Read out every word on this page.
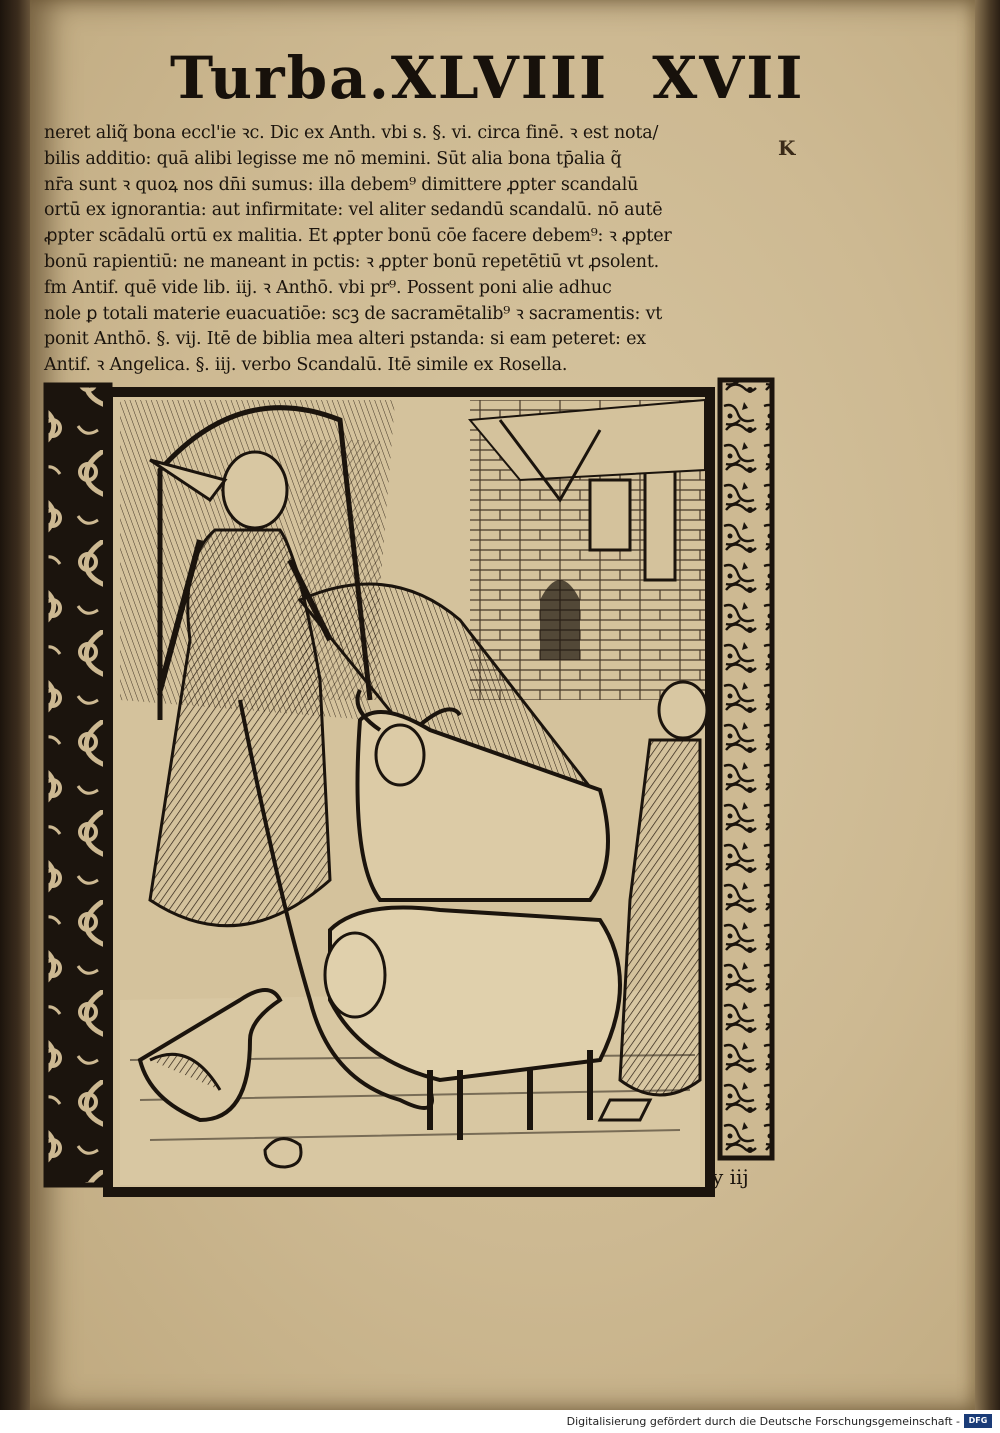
Turba.XLVIII XVII
K
neret aliq̃ bona eccl'ie ꝛc. Dic ex Anth. vbi s. §. vi. circa finē. ꝛ est nota/
bilis additio: quā alibi legisse me nō memini. Sūt alia bona tp̄alia q̃
nr̄a sunt ꝛ quoꝝ nos dn̄i sumus: illa debem⁹ dimittere ꝓpter scandalū
ortū ex ignorantia: aut infirmitate: vel aliter sedandū scandalū. nō autē
ꝓpter scādalū ortū ex malitia. Et ꝓpter bonū cōe facere debem⁹: ꝛ ꝓpter
bonū rapientiū: ne maneant in pctis: ꝛ ꝓpter bonū repetētiū vt ꝓsolent.
fm Antif. quē vide lib. iij. ꝛ Anthō. vbi pr⁹. Possent poni alie adhuc
nole ꝑ totali materie euacuatiōe: scꝫ de sacramētalib⁹ ꝛ sacramentis: vt
ponit Anthō. §. vij. Itē de biblia mea alteri pstanda: si eam peteret: ex
Antif. ꝛ Angelica. §. iij. verbo Scandalū. Itē simile ex Rosella.
y iij
Digitalisierung gefördert durch die Deutsche Forschungsgemeinschaft -	DFG
